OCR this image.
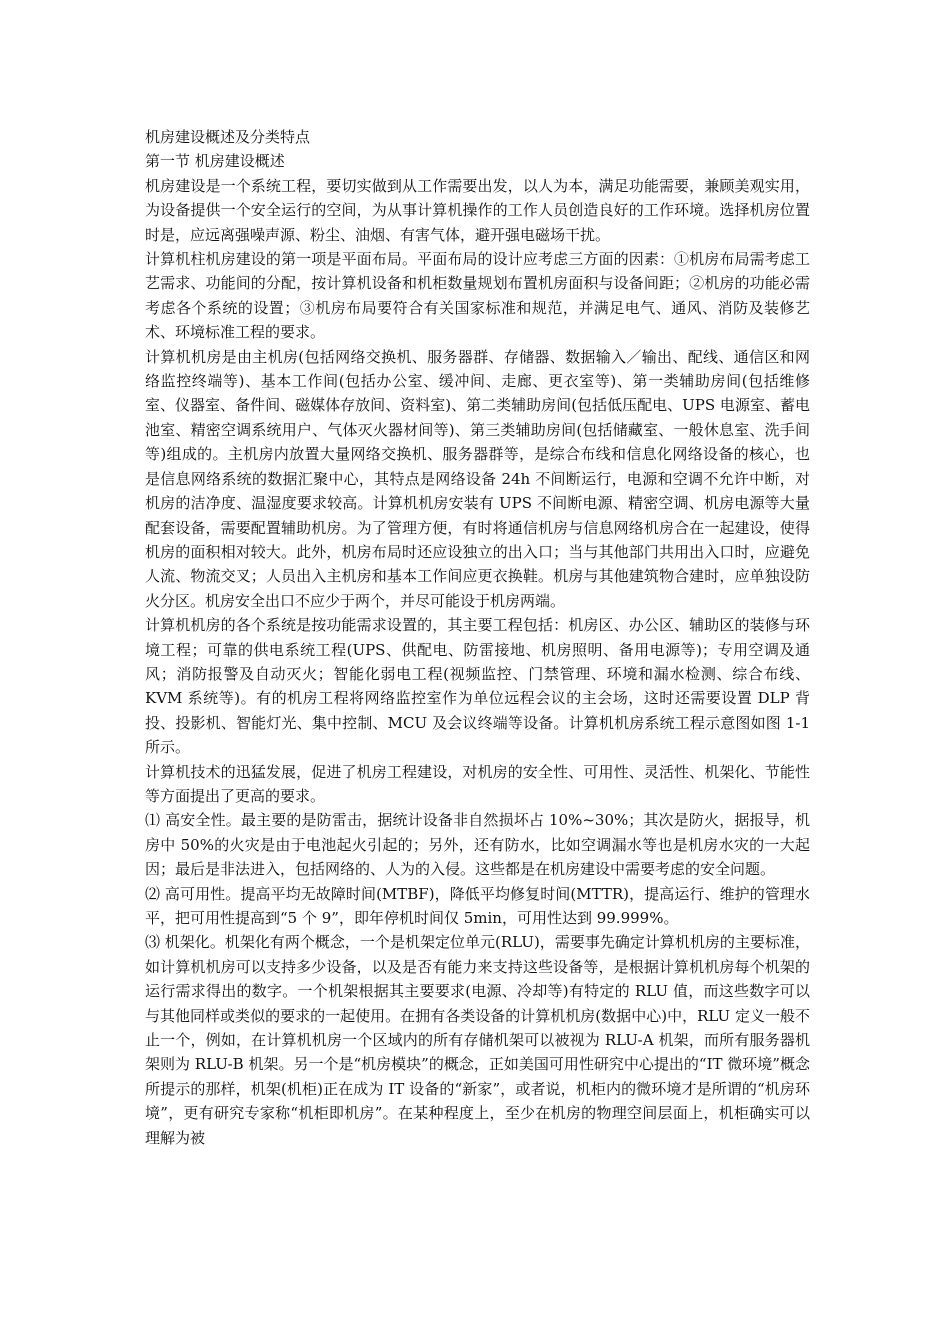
机房建设概述及分类特点

第一节 机房建设概述

机房建设是一个系统工程，要切实做到从工作需要出发，以人为本，满足功能需要，兼顾美观实用，为设备提供一个安全运行的空间，为从事计算机操作的工作人员创造良好的工作环境。选择机房位置时是，应远离强噪声源、粉尘、油烟、有害气体，避开强电磁场干扰。

计算机柱机房建设的第一项是平面布局。平面布局的设计应考虑三方面的因素：①机房布局需考虑工艺需求、功能间的分配，按计算机设备和机柜数量规划布置机房面积与设备间距；②机房的功能必需考虑各个系统的设置；③机房布局要符合有关国家标准和规范，并满足电气、通风、消防及装修艺术、环境标准工程的要求。

计算机机房是由主机房(包括网络交换机、服务器群、存储器、数据输入／输出、配线、通信区和网络监控终端等)、基本工作间(包括办公室、缓冲间、走廊、更衣室等)、第一类辅助房间(包括维修室、仪器室、备件间、磁媒体存放间、资料室)、第二类辅助房间(包括低压配电、UPS 电源室、蓄电池室、精密空调系统用户、气体灭火器材间等)、第三类辅助房间(包括储藏室、一般休息室、洗手间等)组成的。主机房内放置大量网络交换机、服务器群等，是综合布线和信息化网络设备的核心，也是信息网络系统的数据汇聚中心，其特点是网络设备 24h 不间断运行，电源和空调不允许中断，对机房的洁净度、温湿度要求较高。计算机机房安装有 UPS 不间断电源、精密空调、机房电源等大量配套设备，需要配置辅助机房。为了管理方便，有时将通信机房与信息网络机房合在一起建设，使得机房的面积相对较大。此外，机房布局时还应设独立的出入口；当与其他部门共用出入口时，应避免人流、物流交叉；人员出入主机房和基本工作间应更衣换鞋。机房与其他建筑物合建时，应单独设防火分区。机房安全出口不应少于两个，并尽可能设于机房两端。

计算机机房的各个系统是按功能需求设置的，其主要工程包括：机房区、办公区、辅助区的装修与环境工程；可靠的供电系统工程(UPS、供配电、防雷接地、机房照明、备用电源等)；专用空调及通风；消防报警及自动灭火；智能化弱电工程(视频监控、门禁管理、环境和漏水检测、综合布线、KVM 系统等)。有的机房工程将网络监控室作为单位远程会议的主会场，这时还需要设置 DLP 背投、投影机、智能灯光、集中控制、MCU 及会议终端等设备。计算机机房系统工程示意图如图 1-1 所示。

计算机技术的迅猛发展，促进了机房工程建设，对机房的安全性、可用性、灵活性、机架化、节能性等方面提出了更高的要求。

⑴ 高安全性。最主要的是防雷击，据统计设备非自然损坏占 10%~30%；其次是防火，据报导，机房中 50%的火灾是由于电池起火引起的；另外，还有防水，比如空调漏水等也是机房水灾的一大起因；最后是非法进入，包括网络的、人为的入侵。这些都是在机房建设中需要考虑的安全问题。

⑵ 高可用性。提高平均无故障时间(MTBF)，降低平均修复时间(MTTR)，提高运行、维护的管理水平，把可用性提高到“5 个 9”，即年停机时间仅 5min，可用性达到 99.999%。

⑶ 机架化。机架化有两个概念，一个是机架定位单元(RLU)，需要事先确定计算机机房的主要标准，如计算机机房可以支持多少设备，以及是否有能力来支持这些设备等，是根据计算机机房每个机架的运行需求得出的数字。一个机架根据其主要要求(电源、冷却等)有特定的 RLU 值，而这些数字可以与其他同样或类似的要求的一起使用。在拥有各类设备的计算机机房(数据中心)中，RLU 定义一般不止一个，例如，在计算机机房一个区域内的所有存储机架可以被视为 RLU-A 机架，而所有服务器机架则为 RLU-B 机架。另一个是“机房模块”的概念，正如美国可用性研究中心提出的“IT 微环境”概念所提示的那样，机架(机柜)正在成为 IT 设备的“新家”，或者说，机柜内的微环境才是所谓的“机房环境”，更有研究专家称“机柜即机房”。在某种程度上，至少在机房的物理空间层面上，机柜确实可以理解为被
